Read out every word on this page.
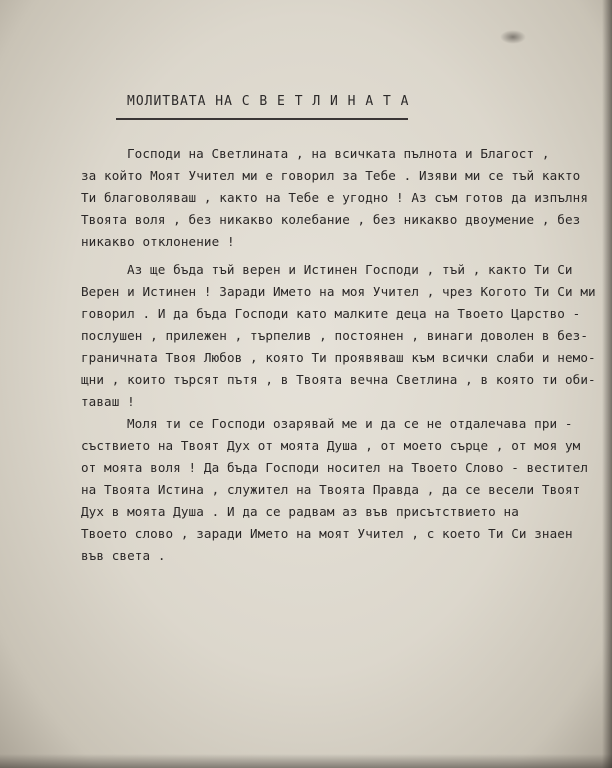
МОЛИТВАТА НА С В Е Т Л И Н А Т А
Господи на Светлината , на всичката пълнота и Благост ,
за който Моят Учител ми е говорил за Тебе . Изяви ми се тъй както
Ти благоволяваш , както на Тебе е угодно ! Аз съм готов да изпълня
Твоята воля , без никакво колебание , без никакво двоумение , без
никакво отклонение !
Аз ще бъда тъй верен и Истинен Господи , тъй , както Ти Си
Верен и Истинен ! Заради Името на моя Учител , чрез Когото Ти Си ми
говорил . И да бъда Господи като малките деца на Твоето Царство -
послушен , прилежен , търпелив , постоянен , винаги доволен в без-
граничната Твоя Любов , която Ти проявяваш към всички слаби и немо-
щни , които търсят пътя , в Твоята вечна Светлина , в която ти оби-
таваш !
Моля ти се Господи озарявай ме и да се не отдалечава при -
съствието на Твоят Дух от моята Душа , от моето сърце , от моя ум
от моята воля ! Да бъда Господи носител на Твоето Слово - вестител
на Твоята Истина , служител на Твоята Правда , да се весели Твоят
Дух в моята Душа . И да се радвам аз във присътствието на
Твоето слово , заради Името на моят Учител , с което Ти Си знаен
във света .
